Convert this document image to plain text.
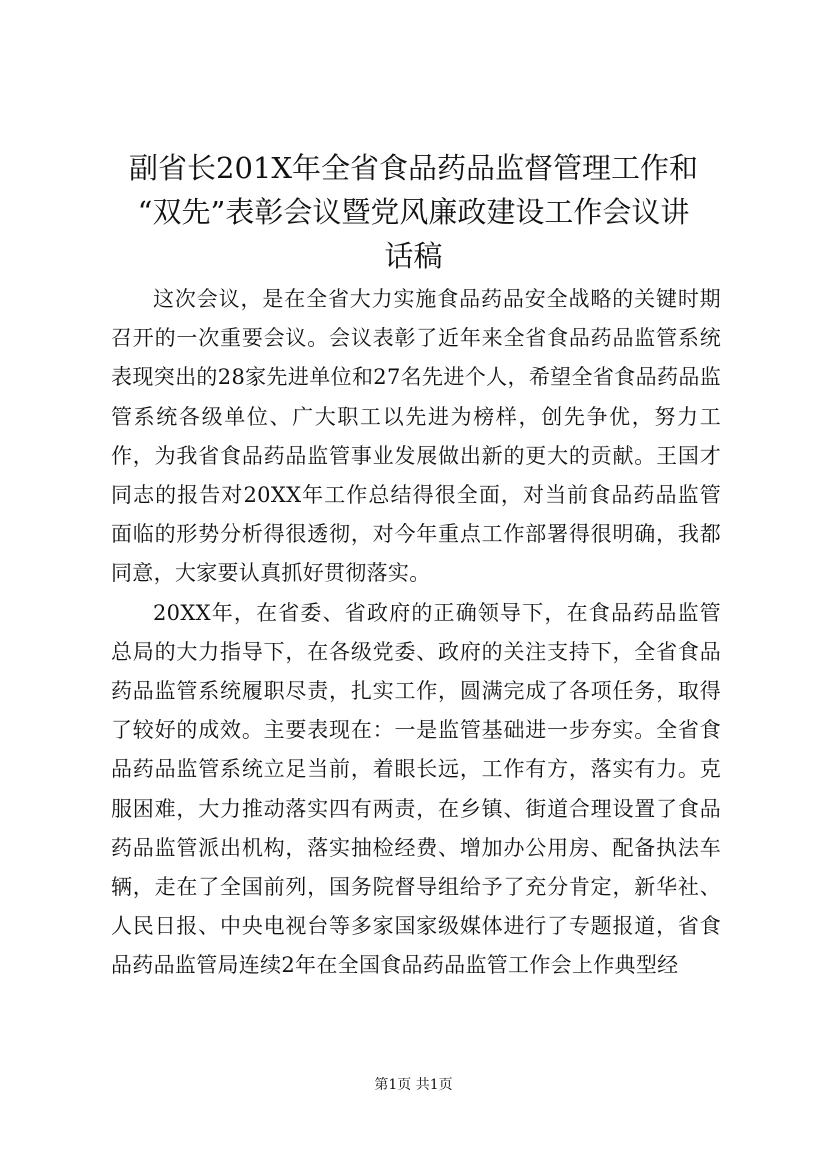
副省长201X年全省食品药品监督管理工作和
“双先”表彰会议暨党风廉政建设工作会议讲
话稿

这次会议，是在全省大力实施食品药品安全战略的关键时期召开的一次重要会议。会议表彰了近年来全省食品药品监管系统表现突出的28家先进单位和27名先进个人，希望全省食品药品监管系统各级单位、广大职工以先进为榜样，创先争优，努力工作，为我省食品药品监管事业发展做出新的更大的贡献。王国才同志的报告对20XX年工作总结得很全面，对当前食品药品监管面临的形势分析得很透彻，对今年重点工作部署得很明确，我都同意，大家要认真抓好贯彻落实。

20XX年，在省委、省政府的正确领导下，在食品药品监管总局的大力指导下，在各级党委、政府的关注支持下，全省食品药品监管系统履职尽责，扎实工作，圆满完成了各项任务，取得了较好的成效。主要表现在：一是监管基础进一步夯实。全省食品药品监管系统立足当前，着眼长远，工作有方，落实有力。克服困难，大力推动落实四有两责，在乡镇、街道合理设置了食品药品监管派出机构，落实抽检经费、增加办公用房、配备执法车辆，走在了全国前列，国务院督导组给予了充分肯定，新华社、人民日报、中央电视台等多家国家级媒体进行了专题报道，省食品药品监管局连续2年在全国食品药品监管工作会上作典型经

第1页 共1页
